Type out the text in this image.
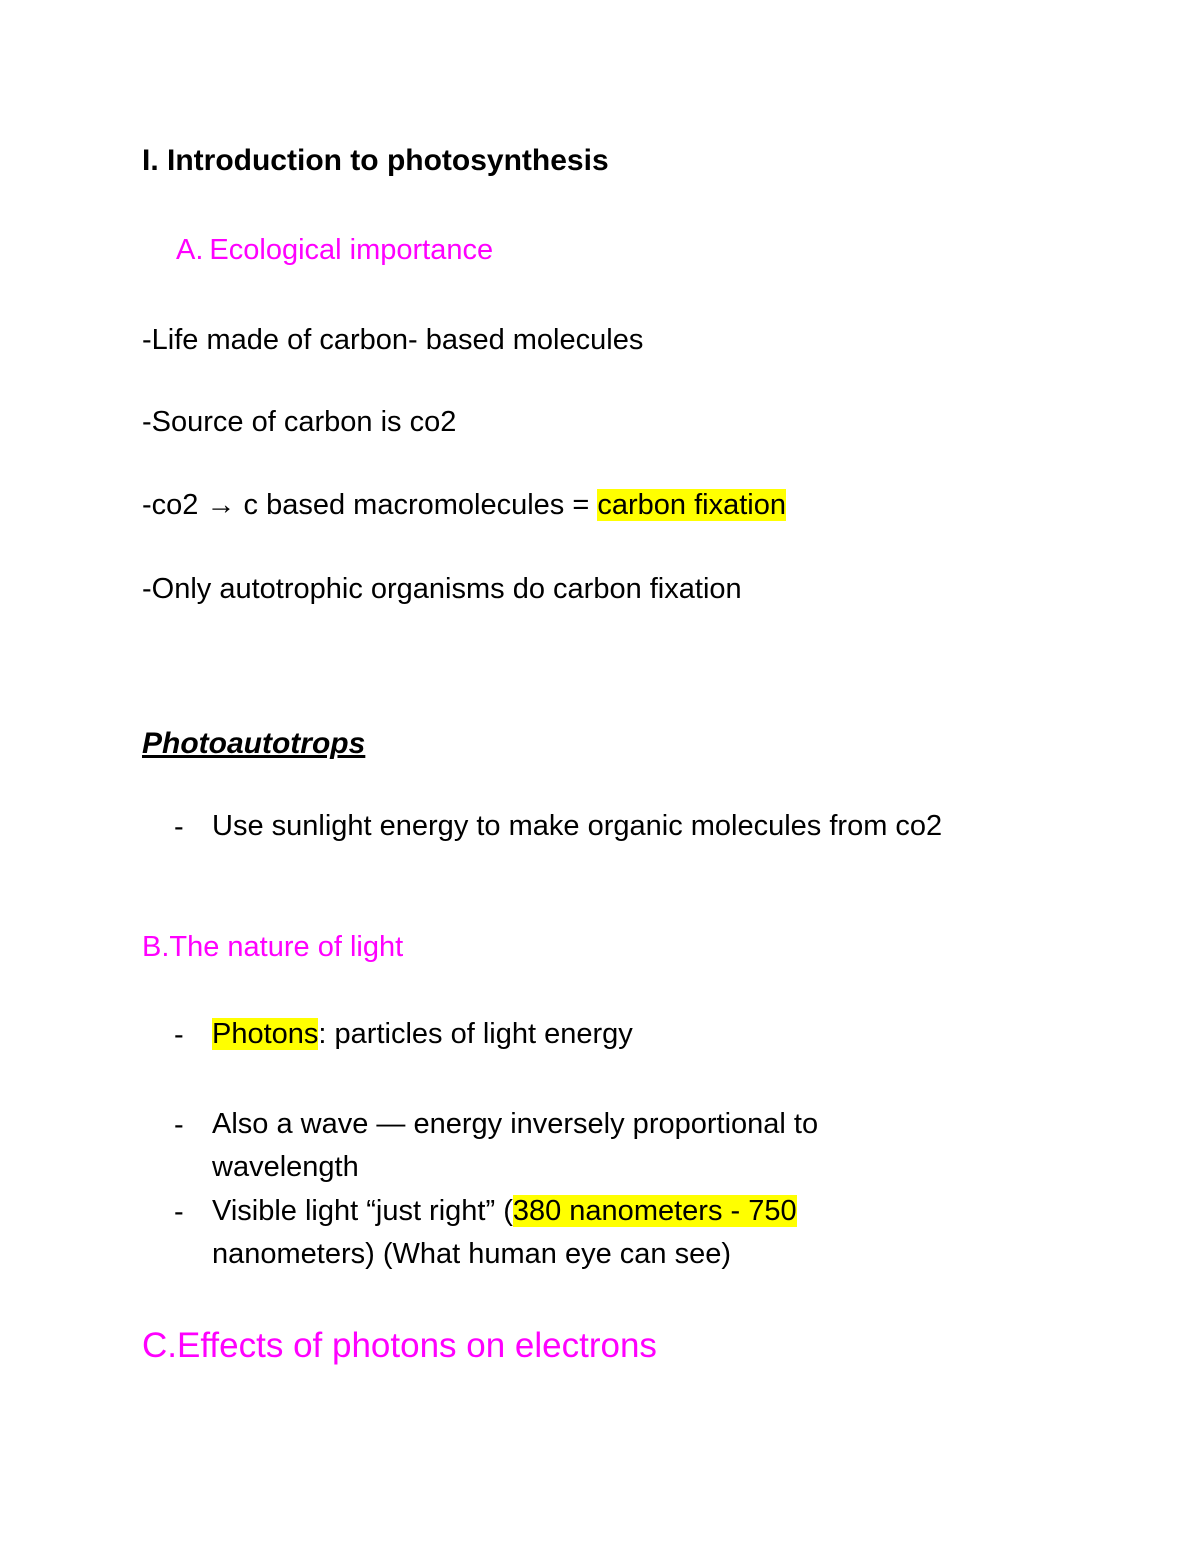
I. Introduction to photosynthesis
A. Ecological importance
-Life made of carbon- based molecules
-Source of carbon is co2
-co2 → c based macromolecules = carbon fixation
-Only autotrophic organisms do carbon fixation
Photoautotrops
- Use sunlight energy to make organic molecules from co2
B.The nature of light
- Photons: particles of light energy
- Also a wave — energy inversely proportional to
wavelength
- Visible light “just right” (380 nanometers - 750
nanometers) (What human eye can see)
C.Effects of photons on electrons
